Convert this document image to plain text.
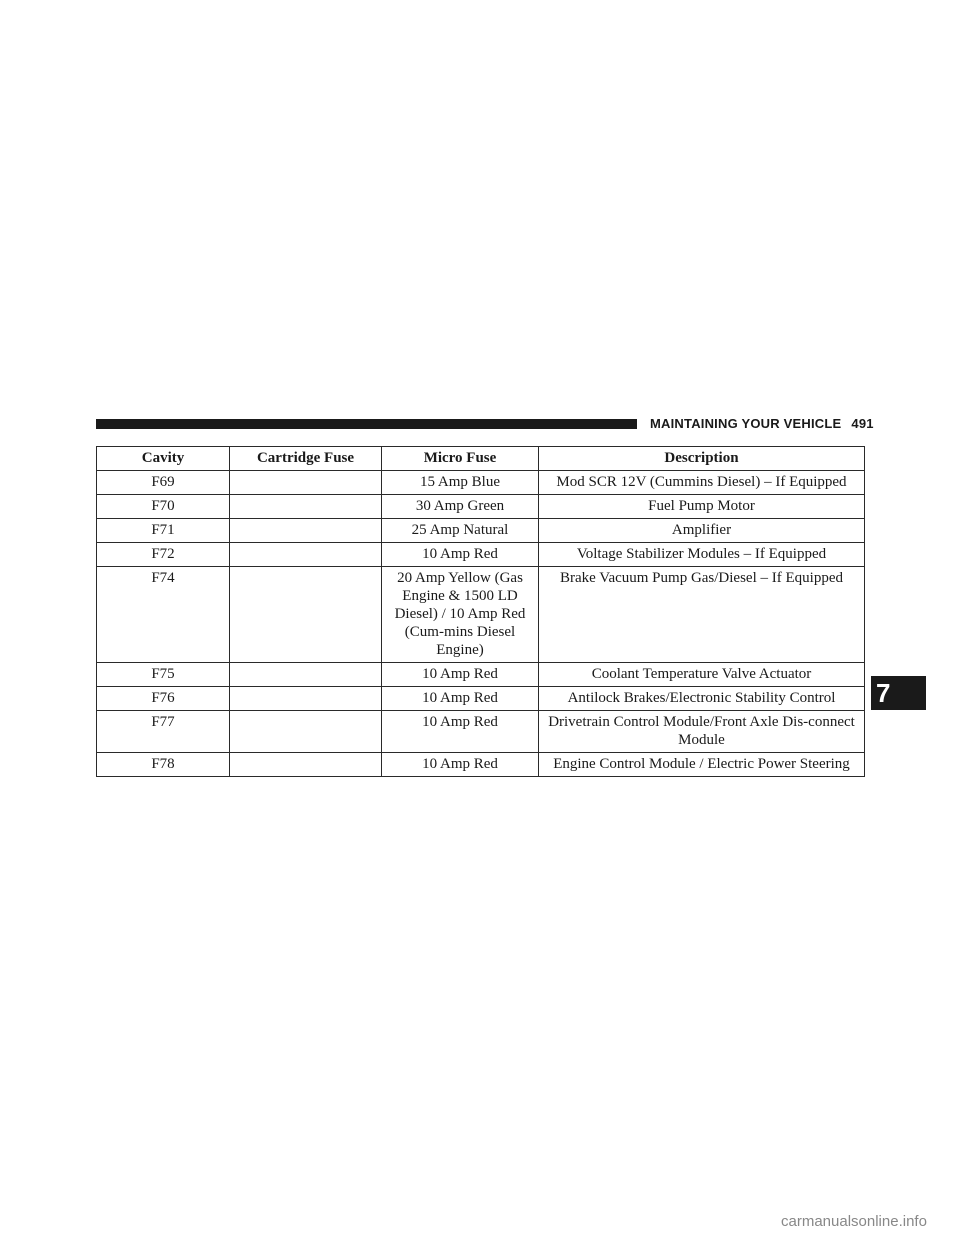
MAINTAINING YOUR VEHICLE 491
7
Cavity	Cartridge Fuse	Micro Fuse	Description
F69		15 Amp Blue	Mod SCR 12V (Cummins Diesel) – If Equipped
F70		30 Amp Green	Fuel Pump Motor
F71		25 Amp Natural	Amplifier
F72		10 Amp Red	Voltage Stabilizer Modules – If Equipped
F74		20 Amp Yellow (Gas Engine & 1500 LD Diesel) / 10 Amp Red (Cum-mins Diesel Engine)	Brake Vacuum Pump Gas/Diesel – If Equipped
F75		10 Amp Red	Coolant Temperature Valve Actuator
F76		10 Amp Red	Antilock Brakes/Electronic Stability Control
F77		10 Amp Red	Drivetrain Control Module/Front Axle Dis-connect Module
F78		10 Amp Red	Engine Control Module / Electric Power Steering
carmanualsonline.info
